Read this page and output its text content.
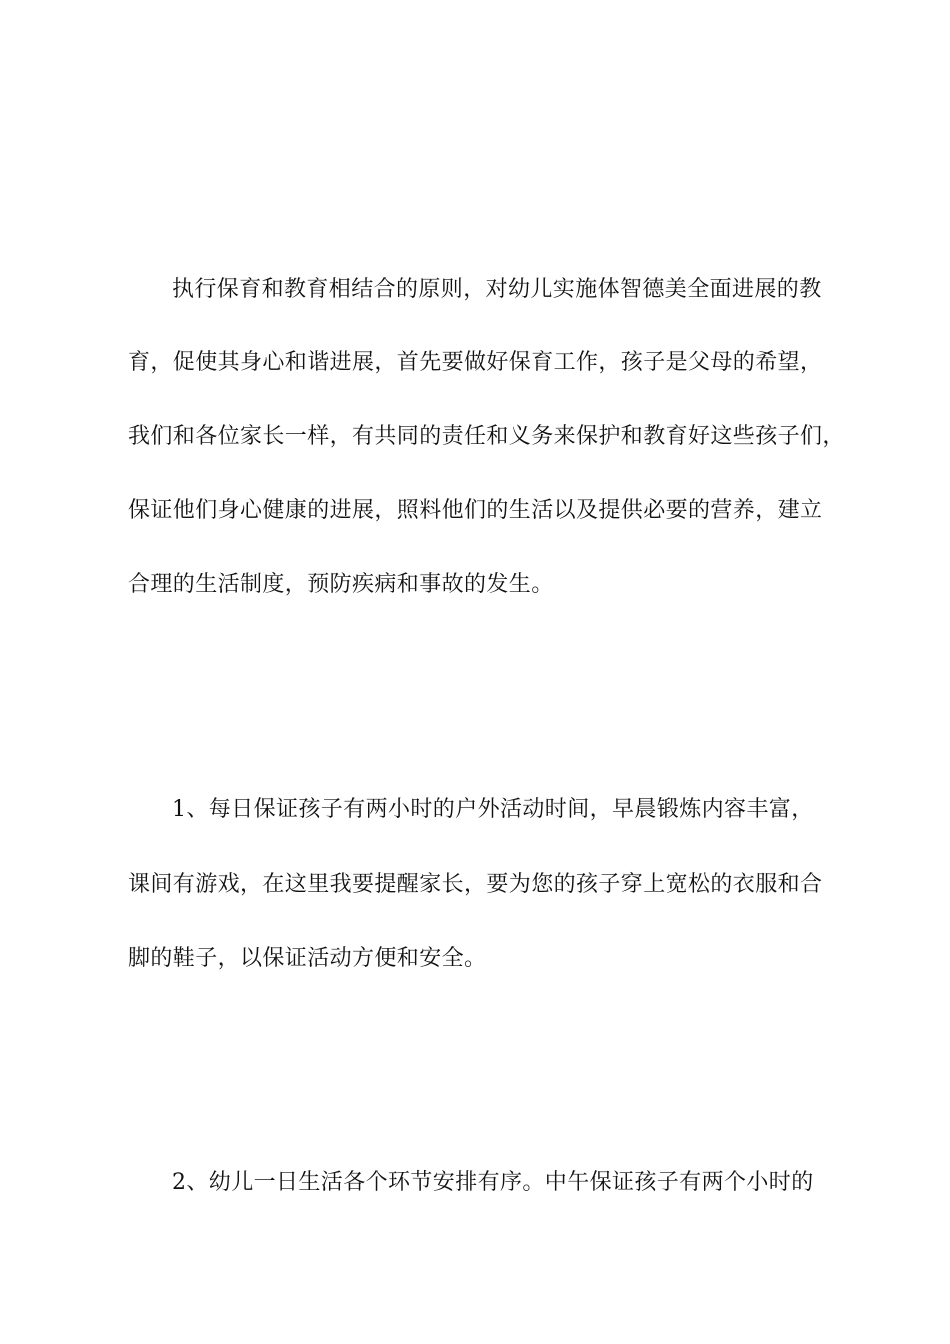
执行保育和教育相结合的原则，对幼儿实施体智德美全面进展的教
育，促使其身心和谐进展，首先要做好保育工作，孩子是父母的希望，
我们和各位家长一样，有共同的责任和义务来保护和教育好这些孩子们，
保证他们身心健康的进展，照料他们的生活以及提供必要的营养，建立
合理的生活制度，预防疾病和事故的发生。
1、每日保证孩子有两小时的户外活动时间，早晨锻炼内容丰富，
课间有游戏，在这里我要提醒家长，要为您的孩子穿上宽松的衣服和合
脚的鞋子，以保证活动方便和安全。
2、幼儿一日生活各个环节安排有序。中午保证孩子有两个小时的
